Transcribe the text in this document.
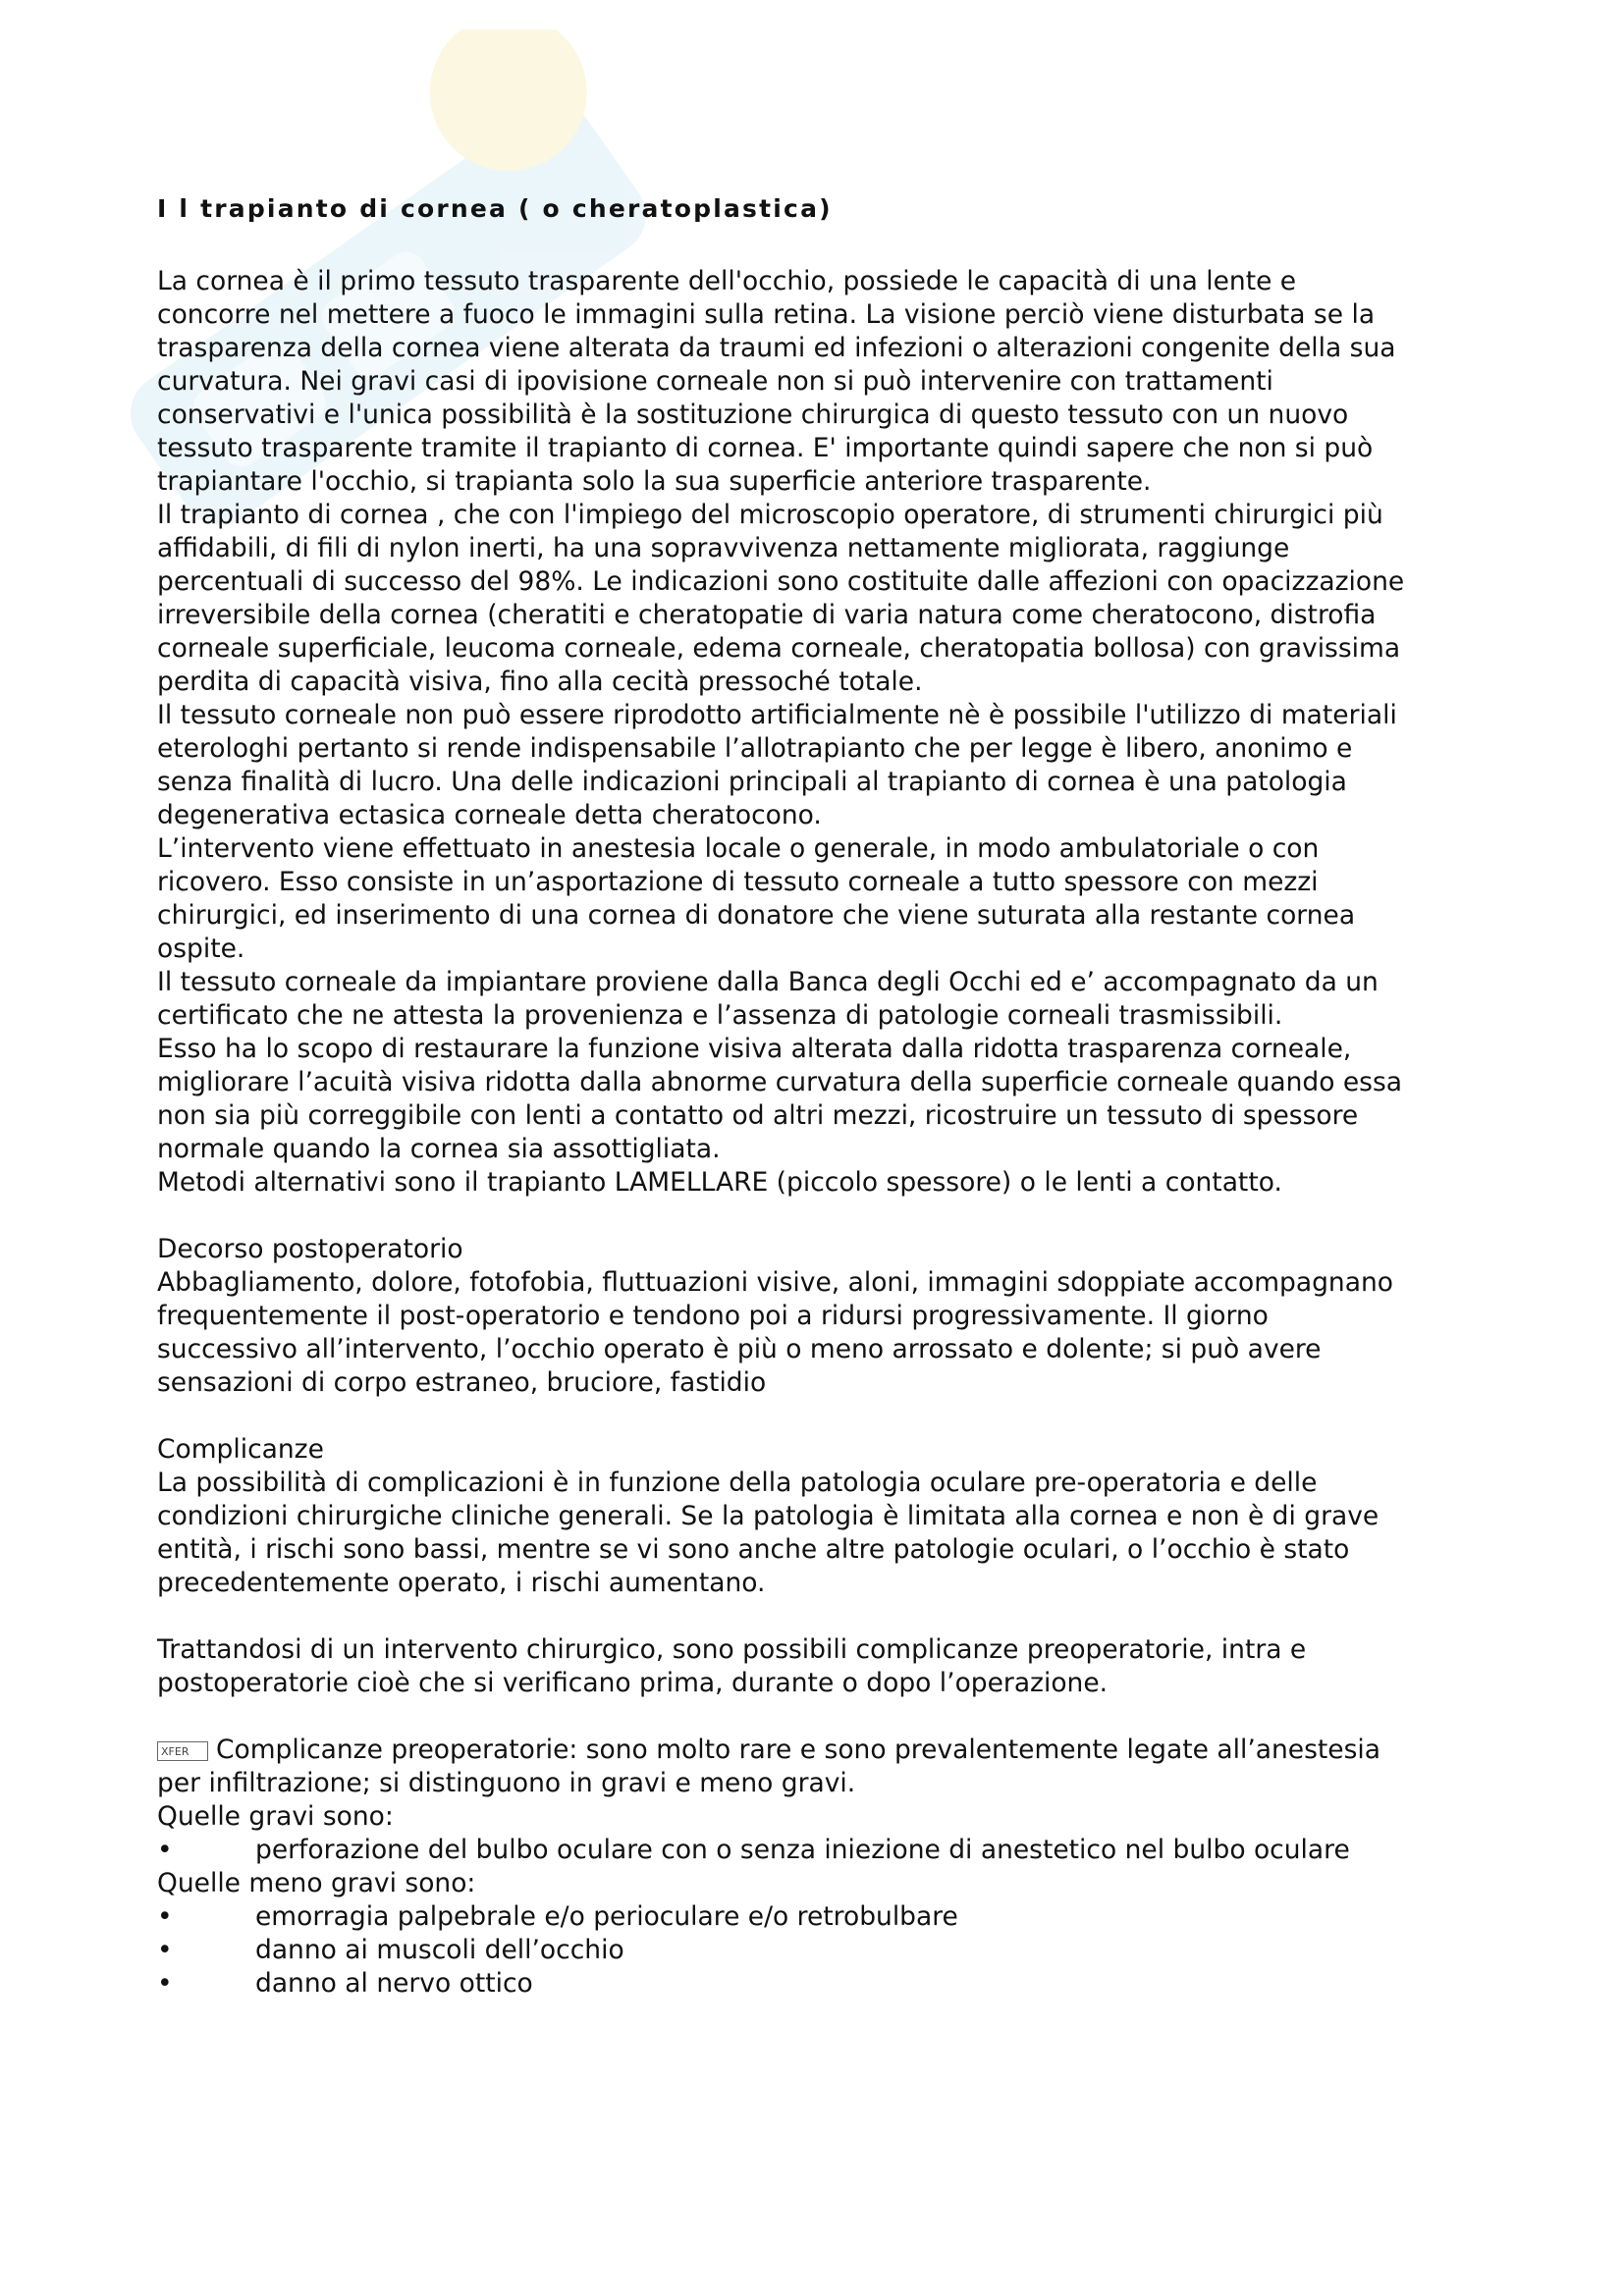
I l trapianto di cornea ( o cheratoplastica)
La cornea è il primo tessuto trasparente dell'occhio, possiede le capacità di una lente e
concorre nel mettere a fuoco le immagini sulla retina. La visione perciò viene disturbata se la
trasparenza della cornea viene alterata da traumi ed infezioni o alterazioni congenite della sua
curvatura. Nei gravi casi di ipovisione corneale non si può intervenire con trattamenti
conservativi e l'unica possibilità è la sostituzione chirurgica di questo tessuto con un nuovo
tessuto trasparente tramite il trapianto di cornea. E' importante quindi sapere che non si può
trapiantare l'occhio, si trapianta solo la sua superficie anteriore trasparente.
Il trapianto di cornea , che con l'impiego del microscopio operatore, di strumenti chirurgici più
affidabili, di fili di nylon inerti, ha una sopravvivenza nettamente migliorata, raggiunge
percentuali di successo del 98%. Le indicazioni sono costituite dalle affezioni con opacizzazione
irreversibile della cornea (cheratiti e cheratopatie di varia natura come cheratocono, distrofia
corneale superficiale, leucoma corneale, edema corneale, cheratopatia bollosa) con gravissima
perdita di capacità visiva, fino alla cecità pressoché totale.
Il tessuto corneale non può essere riprodotto artificialmente nè è possibile l'utilizzo di materiali
eterologhi pertanto si rende indispensabile l’allotrapianto che per legge è libero, anonimo e
senza finalità di lucro. Una delle indicazioni principali al trapianto di cornea è una patologia
degenerativa ectasica corneale detta cheratocono.
L’intervento viene effettuato in anestesia locale o generale, in modo ambulatoriale o con
ricovero. Esso consiste in un’asportazione di tessuto corneale a tutto spessore con mezzi
chirurgici, ed inserimento di una cornea di donatore che viene suturata alla restante cornea
ospite.
Il tessuto corneale da impiantare proviene dalla Banca degli Occhi ed e’ accompagnato da un
certificato che ne attesta la provenienza e l’assenza di patologie corneali trasmissibili.
Esso ha lo scopo di restaurare la funzione visiva alterata dalla ridotta trasparenza corneale,
migliorare l’acuità visiva ridotta dalla abnorme curvatura della superficie corneale quando essa
non sia più correggibile con lenti a contatto od altri mezzi, ricostruire un tessuto di spessore
normale quando la cornea sia assottigliata.
Metodi alternativi sono il trapianto LAMELLARE (piccolo spessore) o le lenti a contatto.
Decorso postoperatorio
Abbagliamento, dolore, fotofobia, fluttuazioni visive, aloni, immagini sdoppiate accompagnano
frequentemente il post-operatorio e tendono poi a ridursi progressivamente. Il giorno
successivo all’intervento, l’occhio operato è più o meno arrossato e dolente; si può avere
sensazioni di corpo estraneo, bruciore, fastidio
Complicanze
La possibilità di complicazioni è in funzione della patologia oculare pre-operatoria e delle
condizioni chirurgiche cliniche generali. Se la patologia è limitata alla cornea e non è di grave
entità, i rischi sono bassi, mentre se vi sono anche altre patologie oculari, o l’occhio è stato
precedentemente operato, i rischi aumentano.
Trattandosi di un intervento chirurgico, sono possibili complicanze preoperatorie, intra e
postoperatorie cioè che si verificano prima, durante o dopo l’operazione.
XFER Complicanze preoperatorie: sono molto rare e sono prevalentemente legate all’anestesia
per infiltrazione; si distinguono in gravi e meno gravi.
Quelle gravi sono:
•	perforazione del bulbo oculare con o senza iniezione di anestetico nel bulbo oculare
Quelle meno gravi sono:
•	emorragia palpebrale e/o perioculare e/o retrobulbare
•	danno ai muscoli dell’occhio
•	danno al nervo ottico
